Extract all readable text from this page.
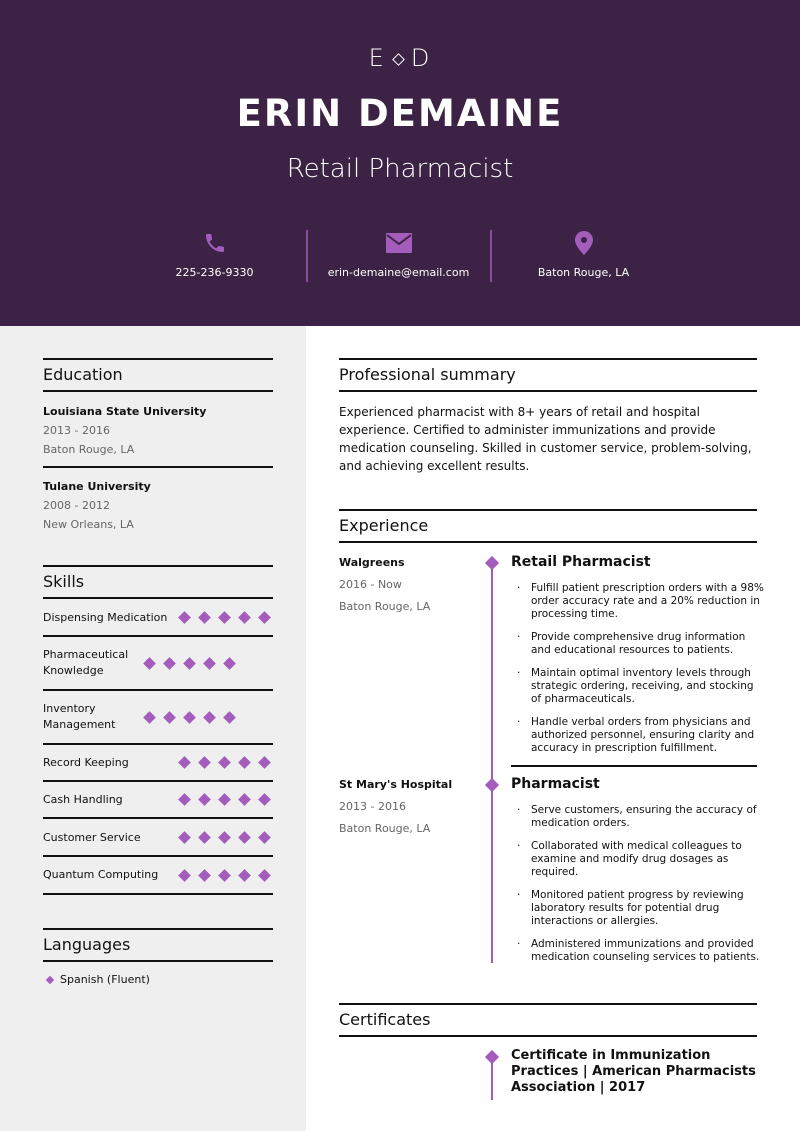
E D
ERIN DEMAINE
Retail Pharmacist
225-236-9330	erin-demaine@email.com	Baton Rouge, LA
Education
Louisiana State University
2013 - 2016
Baton Rouge, LA
Tulane University
2008 - 2012
New Orleans, LA
Skills
Dispensing Medication
Pharmaceutical Knowledge
Inventory Management
Record Keeping
Cash Handling
Customer Service
Quantum Computing
Languages
Spanish (Fluent)
Professional summary
Experienced pharmacist with 8+ years of retail and hospital experience. Certified to administer immunizations and provide medication counseling. Skilled in customer service, problem-solving, and achieving excellent results.
Experience
Walgreens
2016 - Now
Baton Rouge, LA
Retail Pharmacist
· Fulfill patient prescription orders with a 98% order accuracy rate and a 20% reduction in processing time.
· Provide comprehensive drug information and educational resources to patients.
· Maintain optimal inventory levels through strategic ordering, receiving, and stocking of pharmaceuticals.
· Handle verbal orders from physicians and authorized personnel, ensuring clarity and accuracy in prescription fulfillment.
St Mary's Hospital
2013 - 2016
Baton Rouge, LA
Pharmacist
· Serve customers, ensuring the accuracy of medication orders.
· Collaborated with medical colleagues to examine and modify drug dosages as required.
· Monitored patient progress by reviewing laboratory results for potential drug interactions or allergies.
· Administered immunizations and provided medication counseling services to patients.
Certificates
Certificate in Immunization Practices | American Pharmacists Association | 2017
